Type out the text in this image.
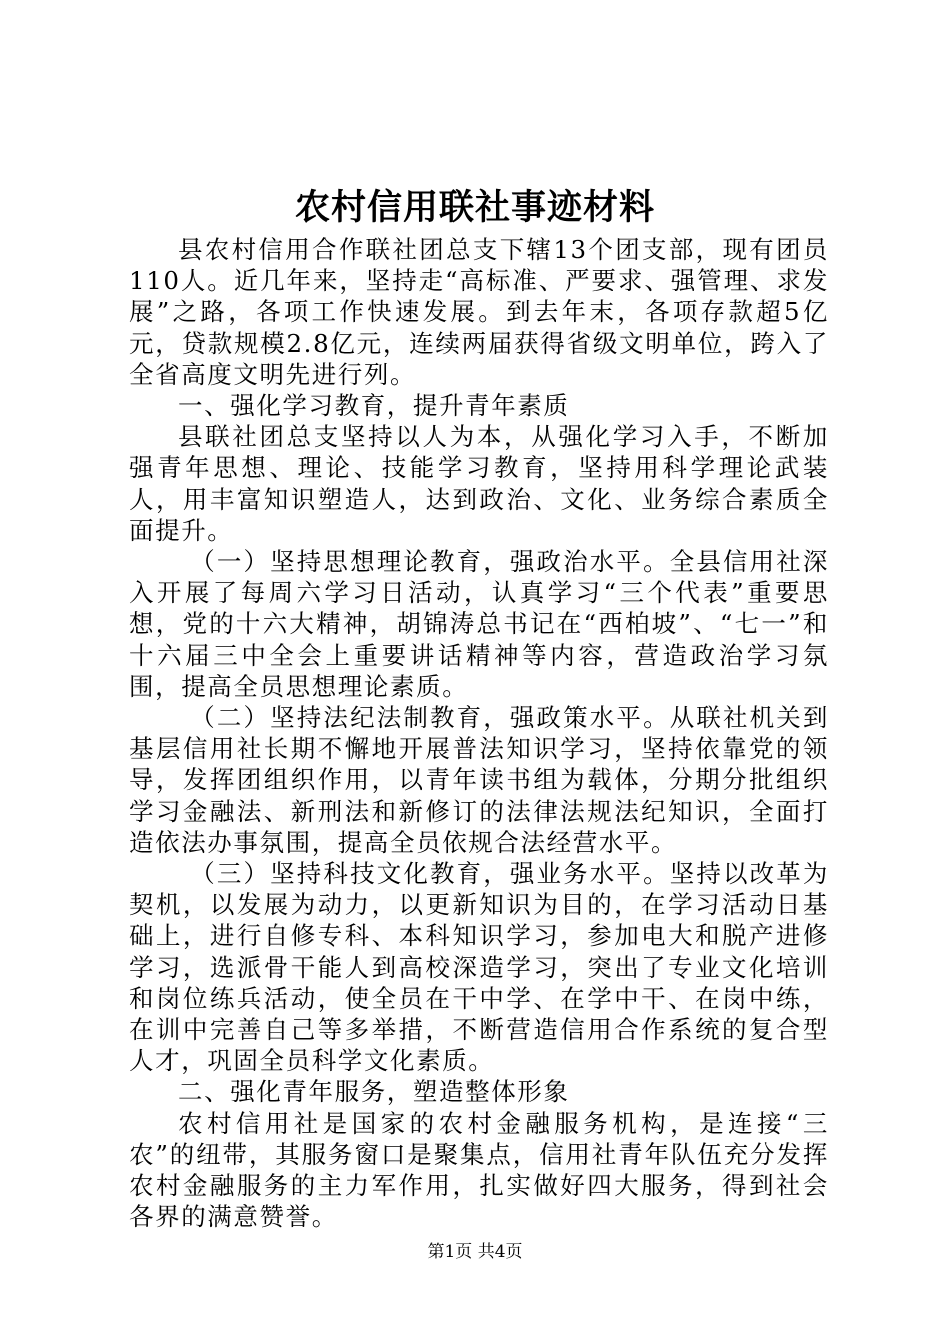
农村信用联社事迹材料

县农村信用合作联社团总支下辖13个团支部，现有团员110人。近几年来，坚持走“高标准、严要求、强管理、求发展”之路，各项工作快速发展。到去年末，各项存款超5亿元，贷款规模2.8亿元，连续两届获得省级文明单位，跨入了全省高度文明先进行列。

一、强化学习教育，提升青年素质

县联社团总支坚持以人为本，从强化学习入手，不断加强青年思想、理论、技能学习教育，坚持用科学理论武装人，用丰富知识塑造人，达到政治、文化、业务综合素质全面提升。

（一）坚持思想理论教育，强政治水平。全县信用社深入开展了每周六学习日活动，认真学习“三个代表”重要思想，党的十六大精神，胡锦涛总书记在“西柏坡”、“七一”和十六届三中全会上重要讲话精神等内容，营造政治学习氛围，提高全员思想理论素质。

（二）坚持法纪法制教育，强政策水平。从联社机关到基层信用社长期不懈地开展普法知识学习，坚持依靠党的领导，发挥团组织作用，以青年读书组为载体，分期分批组织学习金融法、新刑法和新修订的法律法规法纪知识，全面打造依法办事氛围，提高全员依规合法经营水平。

（三）坚持科技文化教育，强业务水平。坚持以改革为契机，以发展为动力，以更新知识为目的，在学习活动日基础上，进行自修专科、本科知识学习，参加电大和脱产进修学习，选派骨干能人到高校深造学习，突出了专业文化培训和岗位练兵活动，使全员在干中学、在学中干、在岗中练，在训中完善自己等多举措，不断营造信用合作系统的复合型人才，巩固全员科学文化素质。

二、强化青年服务，塑造整体形象

农村信用社是国家的农村金融服务机构，是连接“三农”的纽带，其服务窗口是聚集点，信用社青年队伍充分发挥农村金融服务的主力军作用，扎实做好四大服务，得到社会各界的满意赞誉。

第1页 共4页
